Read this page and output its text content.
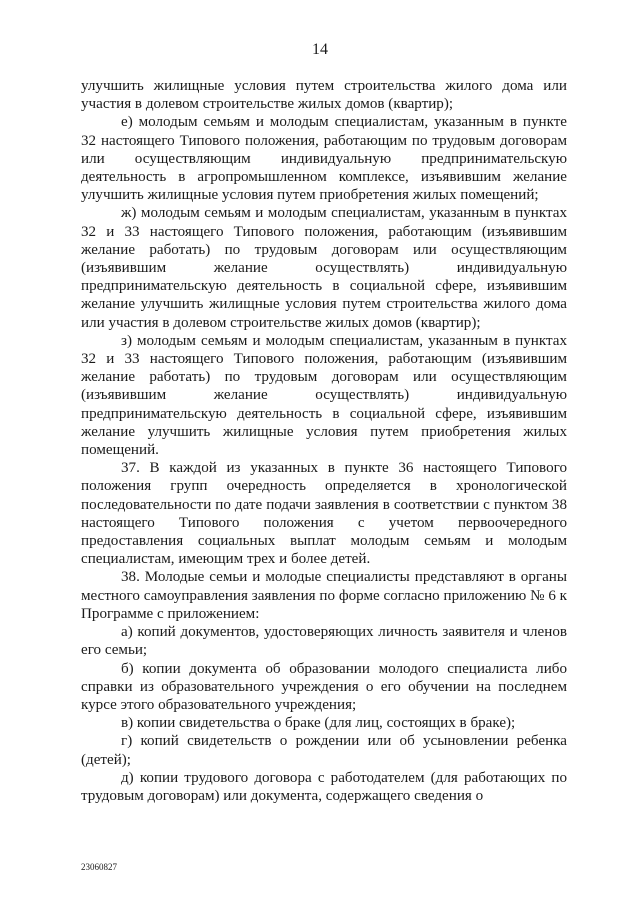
14

улучшить жилищные условия путем строительства жилого дома или участия в долевом строительстве жилых домов (квартир);

е) молодым семьям и молодым специалистам, указанным в пункте 32 настоящего Типового положения, работающим по трудовым договорам или осуществляющим индивидуальную предпринимательскую деятельность в агропромышленном комплексе, изъявившим желание улучшить жилищные условия путем приобретения жилых помещений;

ж) молодым семьям и молодым специалистам, указанным в пунктах 32 и 33 настоящего Типового положения, работающим (изъявившим желание работать) по трудовым договорам или осуществляющим (изъявившим желание осуществлять) индивидуальную предпринимательскую деятельность в социальной сфере, изъявившим желание улучшить жилищные условия путем строительства жилого дома или участия в долевом строительстве жилых домов (квартир);

з) молодым семьям и молодым специалистам, указанным в пунктах 32 и 33 настоящего Типового положения, работающим (изъявившим желание работать) по трудовым договорам или осуществляющим (изъявившим желание осуществлять) индивидуальную предпринимательскую деятельность в социальной сфере, изъявившим желание улучшить жилищные условия путем приобретения жилых помещений.

37. В каждой из указанных в пункте 36 настоящего Типового положения групп очередность определяется в хронологической последовательности по дате подачи заявления в соответствии с пунктом 38 настоящего Типового положения с учетом первоочередного предоставления социальных выплат молодым семьям и молодым специалистам, имеющим трех и более детей.

38. Молодые семьи и молодые специалисты представляют в органы местного самоуправления заявления по форме согласно приложению № 6 к Программе с приложением:

а) копий документов, удостоверяющих личность заявителя и членов его семьи;

б) копии документа об образовании молодого специалиста либо справки из образовательного учреждения о его обучении на последнем курсе этого образовательного учреждения;

в) копии свидетельства о браке (для лиц, состоящих в браке);

г) копий свидетельств о рождении или об усыновлении ребенка (детей);

д) копии трудового договора с работодателем (для работающих по трудовым договорам) или документа, содержащего сведения о

23060827
